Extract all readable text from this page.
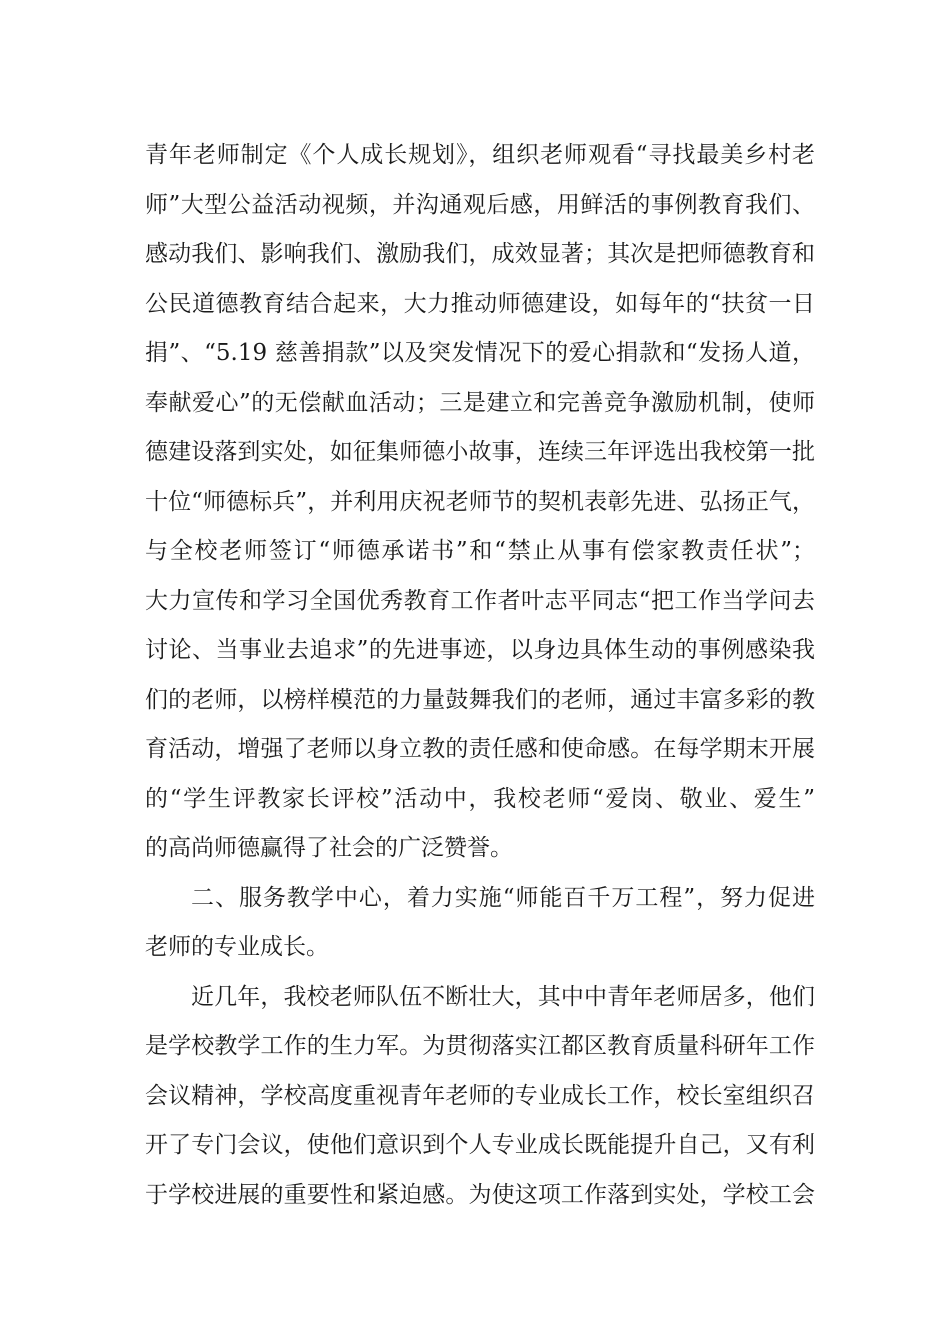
青年老师制定《个人成长规划》，组织老师观看“寻找最美乡村老
师”大型公益活动视频，并沟通观后感，用鲜活的事例教育我们、
感动我们、影响我们、激励我们，成效显著；其次是把师德教育和
公民道德教育结合起来，大力推动师德建设，如每年的“扶贫一日
捐”、“5.19 慈善捐款”以及突发情况下的爱心捐款和“发扬人道，
奉献爱心”的无偿献血活动；三是建立和完善竞争激励机制，使师
德建设落到实处，如征集师德小故事，连续三年评选出我校第一批
十位“师德标兵”，并利用庆祝老师节的契机表彰先进、弘扬正气，
与全校老师签订“师德承诺书”和“禁止从事有偿家教责任状”；
大力宣传和学习全国优秀教育工作者叶志平同志“把工作当学问去
讨论、当事业去追求”的先进事迹，以身边具体生动的事例感染我
们的老师，以榜样模范的力量鼓舞我们的老师，通过丰富多彩的教
育活动，增强了老师以身立教的责任感和使命感。在每学期末开展
的“学生评教家长评校”活动中，我校老师“爱岗、敬业、爱生”
的高尚师德赢得了社会的广泛赞誉。
二、服务教学中心，着力实施“师能百千万工程”，努力促进
老师的专业成长。
近几年，我校老师队伍不断壮大，其中中青年老师居多，他们
是学校教学工作的生力军。为贯彻落实江都区教育质量科研年工作
会议精神，学校高度重视青年老师的专业成长工作，校长室组织召
开了专门会议，使他们意识到个人专业成长既能提升自己，又有利
于学校进展的重要性和紧迫感。为使这项工作落到实处，学校工会
